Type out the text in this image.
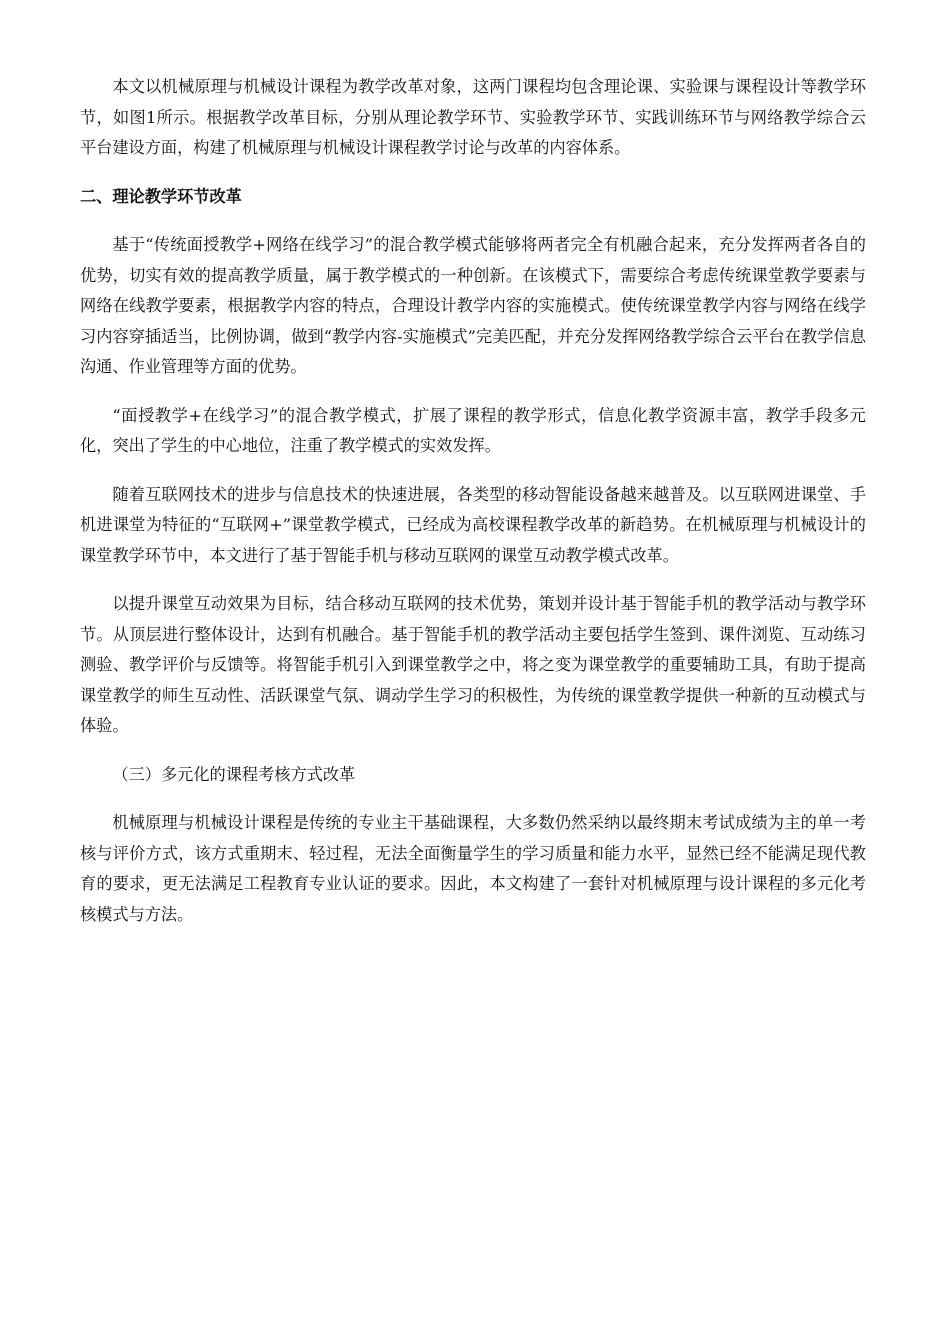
本文以机械原理与机械设计课程为教学改革对象，这两门课程均包含理论课、实验课与课程设计等教学环节，如图1所示。根据教学改革目标，分别从理论教学环节、实验教学环节、实践训练环节与网络教学综合云平台建设方面，构建了机械原理与机械设计课程教学讨论与改革的内容体系。

二、理论教学环节改革

基于“传统面授教学+网络在线学习”的混合教学模式能够将两者完全有机融合起来，充分发挥两者各自的优势，切实有效的提高教学质量，属于教学模式的一种创新。在该模式下，需要综合考虑传统课堂教学要素与网络在线教学要素，根据教学内容的特点，合理设计教学内容的实施模式。使传统课堂教学内容与网络在线学习内容穿插适当，比例协调，做到“教学内容-实施模式”完美匹配，并充分发挥网络教学综合云平台在教学信息沟通、作业管理等方面的优势。

“面授教学+在线学习”的混合教学模式，扩展了课程的教学形式，信息化教学资源丰富，教学手段多元化，突出了学生的中心地位，注重了教学模式的实效发挥。

随着互联网技术的进步与信息技术的快速进展，各类型的移动智能设备越来越普及。以互联网进课堂、手机进课堂为特征的“互联网+”课堂教学模式，已经成为高校课程教学改革的新趋势。在机械原理与机械设计的课堂教学环节中，本文进行了基于智能手机与移动互联网的课堂互动教学模式改革。

以提升课堂互动效果为目标，结合移动互联网的技术优势，策划并设计基于智能手机的教学活动与教学环节。从顶层进行整体设计，达到有机融合。基于智能手机的教学活动主要包括学生签到、课件浏览、互动练习测验、教学评价与反馈等。将智能手机引入到课堂教学之中，将之变为课堂教学的重要辅助工具，有助于提高课堂教学的师生互动性、活跃课堂气氛、调动学生学习的积极性，为传统的课堂教学提供一种新的互动模式与体验。

（三）多元化的课程考核方式改革

机械原理与机械设计课程是传统的专业主干基础课程，大多数仍然采纳以最终期末考试成绩为主的单一考核与评价方式，该方式重期末、轻过程，无法全面衡量学生的学习质量和能力水平，显然已经不能满足现代教育的要求，更无法满足工程教育专业认证的要求。因此，本文构建了一套针对机械原理与设计课程的多元化考核模式与方法。
